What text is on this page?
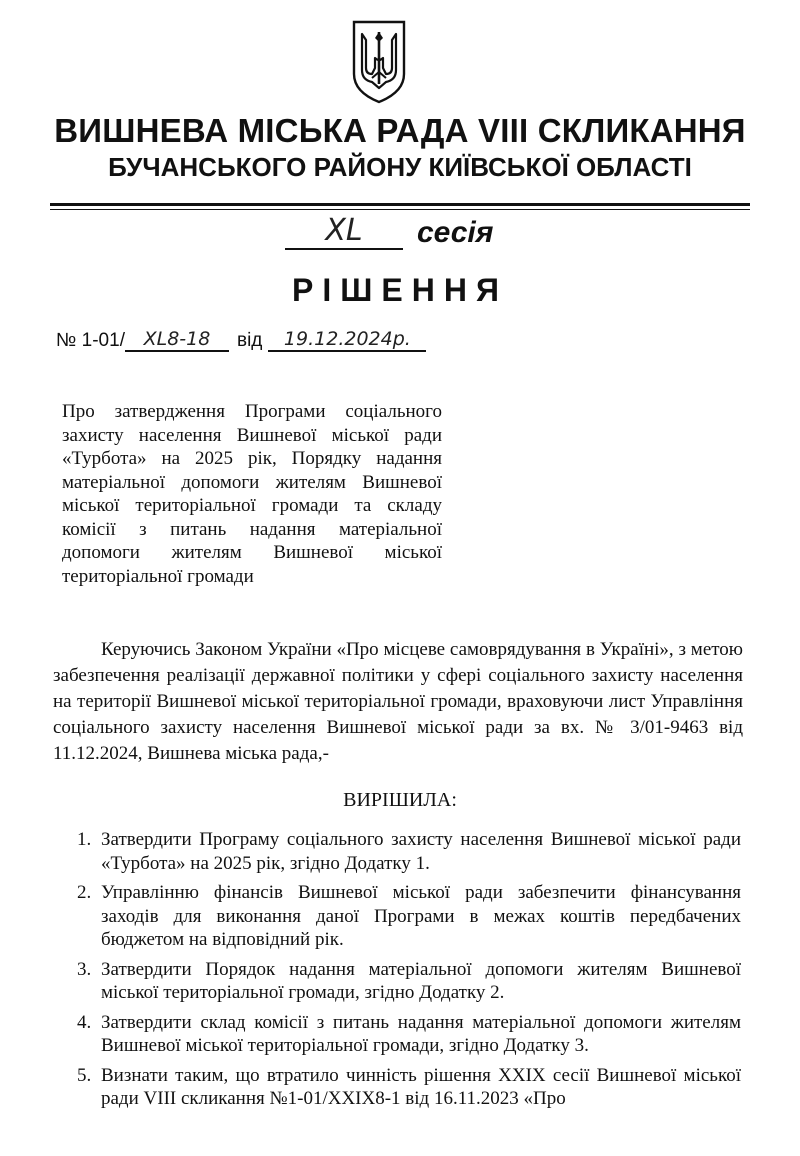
ВИШНЕВА МІСЬКА РАДА VIII СКЛИКАННЯ
БУЧАНСЬКОГО РАЙОНУ КИЇВСЬКОЇ ОБЛАСТІ
XL	сесія
РІШЕННЯ
№ 1-01/ XL8-18	від	19.12.2024р.

Про затвердження Програми соціального захисту населення Вишневої міської ради «Турбота» на 2025 рік, Порядку надання матеріальної допомоги жителям Вишневої міської територіальної громади та складу комісії з питань надання матеріальної допомоги жителям Вишневої міської територіальної громади

Керуючись Законом України «Про місцеве самоврядування в Україні», з метою забезпечення реалізації державної політики у сфері соціального захисту населення на території Вишневої міської територіальної громади, враховуючи лист Управління соціального захисту населення Вишневої міської ради за вх. № 3/01-9463 від 11.12.2024, Вишнева міська рада,-

ВИРІШИЛА:

1. Затвердити Програму соціального захисту населення Вишневої міської ради «Турбота» на 2025 рік, згідно Додатку 1.
2. Управлінню фінансів Вишневої міської ради забезпечити фінансування заходів для виконання даної Програми в межах коштів передбачених бюджетом на відповідний рік.
3. Затвердити Порядок надання матеріальної допомоги жителям Вишневої міської територіальної громади, згідно Додатку 2.
4. Затвердити склад комісії з питань надання матеріальної допомоги жителям Вишневої міської територіальної громади, згідно Додатку 3.
5. Визнати таким, що втратило чинність рішення XXIX сесії Вишневої міської ради VIII скликання №1-01/XXIX8-1 від 16.11.2023 «Про
